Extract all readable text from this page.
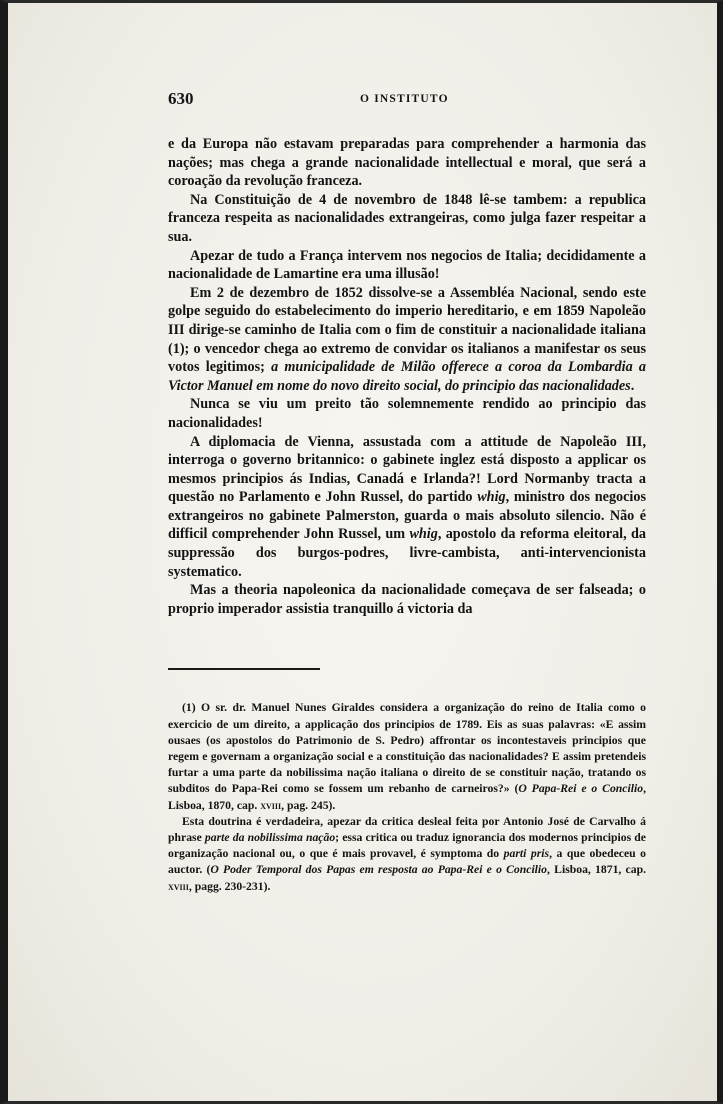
630	O INSTITUTO

e da Europa não estavam preparadas para comprehender a harmonia das nações; mas chega a grande nacionalidade intellectual e moral, que será a coroação da revolução franceza.

Na Constituição de 4 de novembro de 1848 lê-se tambem: a republica franceza respeita as nacionalidades extrangeiras, como julga fazer respeitar a sua.

Apezar de tudo a França intervem nos negocios de Italia; decididamente a nacionalidade de Lamartine era uma illusão!

Em 2 de dezembro de 1852 dissolve-se a Assembléa Nacional, sendo este golpe seguido do estabelecimento do imperio hereditario, e em 1859 Napoleão III dirige-se caminho de Italia com o fim de constituir a nacionalidade italiana (1); o vencedor chega ao extremo de convidar os italianos a manifestar os seus votos legitimos; a municipalidade de Milão offerece a coroa da Lombardia a Victor Manuel em nome do novo direito social, do principio das nacionalidades.

Nunca se viu um preito tão solemnemente rendido ao principio das nacionalidades!

A diplomacia de Vienna, assustada com a attitude de Napoleão III, interroga o governo britannico: o gabinete inglez está disposto a applicar os mesmos principios ás Indias, Canadá e Irlanda?! Lord Normanby tracta a questão no Parlamento e John Russel, do partido whig, ministro dos negocios extrangeiros no gabinete Palmerston, guarda o mais absoluto silencio. Não é difficil comprehender John Russel, um whig, apostolo da reforma eleitoral, da suppressão dos burgos-podres, livre-cambista, anti-intervencionista systematico.

Mas a theoria napoleonica da nacionalidade começava de ser falseada; o proprio imperador assistia tranquillo á victoria da

(1) O sr. dr. Manuel Nunes Giraldes considera a organização do reino de Italia como o exercicio de um direito, a applicação dos principios de 1789. Eis as suas palavras: «E assim ousaes (os apostolos do Patrimonio de S. Pedro) affrontar os incontestaveis principios que regem e governam a organização social e a constituição das nacionalidades? E assim pretendeis furtar a uma parte da nobilissima nação italiana o direito de se constituir nação, tratando os subditos do Papa-Rei como se fossem um rebanho de carneiros?» (O Papa-Rei e o Concilio, Lisboa, 1870, cap. xviii, pag. 245).

Esta doutrina é verdadeira, apezar da critica desleal feita por Antonio José de Carvalho á phrase parte da nobilissima nação; essa critica ou traduz ignorancia dos modernos principios de organização nacional ou, o que é mais provavel, é symptoma do parti pris, a que obedeceu o auctor. (O Poder Temporal dos Papas em resposta ao Papa-Rei e o Concilio, Lisboa, 1871, cap. xviii, pagg. 230-231).
